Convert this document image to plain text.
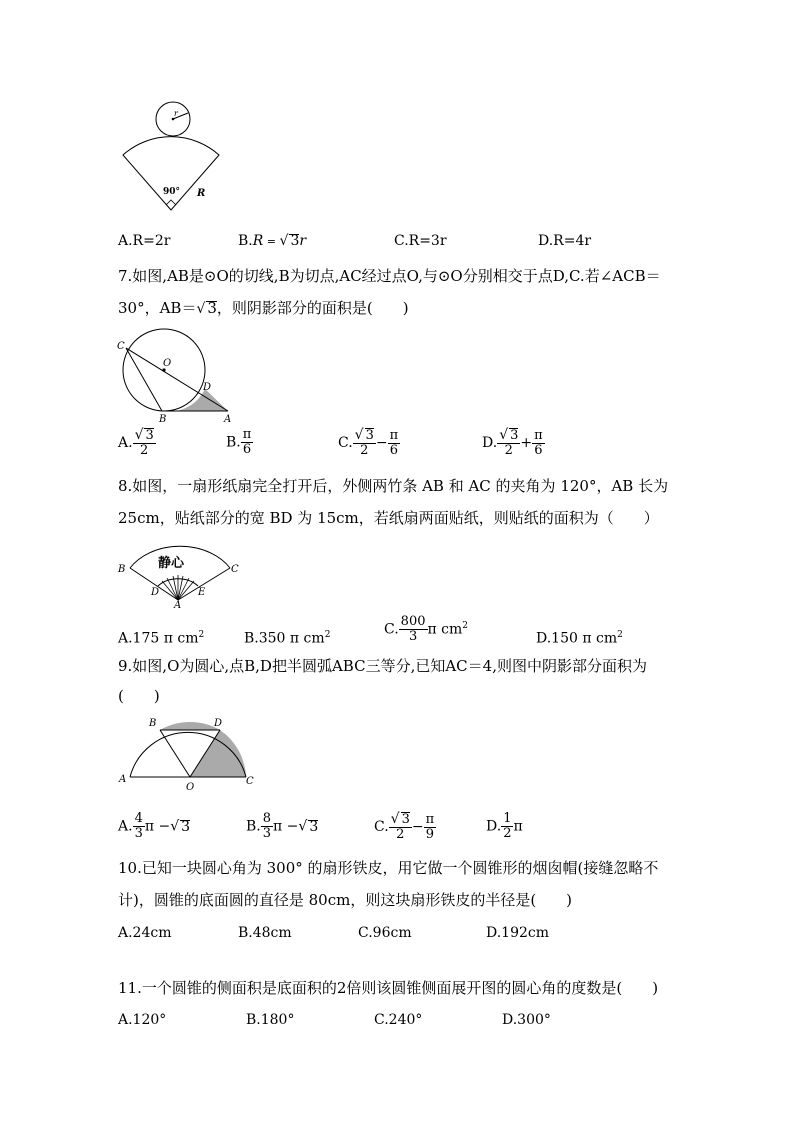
r
90° R
A.R=2r	B.R = √ 3r	C.R=3r	D.R=4r
7.如图,AB是⊙O的切线,B为切点,AC经过点O,与⊙O分别相交于点D,C.若∠ACB＝
30°，AB＝√ 3，则阴影部分的面积是(　　)
C
O
D
B	A
A. $\frac{√ 3}{2}$	B. $\frac{\pi}{6}$	C. $\frac{√ 3}{2} - \frac{\pi}{6}$	D. $\frac{√ 3}{2} + \frac{\pi}{6}$
8.如图，一扇形纸扇完全打开后，外侧两竹条 AB 和 AC 的夹角为 120°，AB 长为
25cm，贴纸部分的宽 BD 为 15cm，若纸扇两面贴纸，则贴纸的面积为（　　）
静心
B	C
D	E
A
A.175 π $cm^2$	B.350 π $cm^2$	C. $\frac{800}{3}$ π $cm^2$
D.150 π $cm^2$
9.如图,O为圆心,点B,D把半圆弧ABC三等分,已知AC＝4,则图中阴影部分面积为
(　　)
B	D
A
O
C
A. $\frac{4}{3}$ π −√ 3	B. $\frac{8}{3}$ π −√ 3	C. $\frac{√ 3}{2} - \frac{\pi}{9}$	D. $\frac{1}{2}$ π
10.已知一块圆心角为 300° 的扇形铁皮，用它做一个圆锥形的烟囱帽(接缝忽略不
计)，圆锥的底面圆的直径是 80cm，则这块扇形铁皮的半径是(　　)
A.24cm	B.48cm	C.96cm	D.192cm
11.一个圆锥的侧面积是底面积的2倍则该圆锥侧面展开图的圆心角的度数是(　　)
A.120°	B.180°	C.240°	D.300°
